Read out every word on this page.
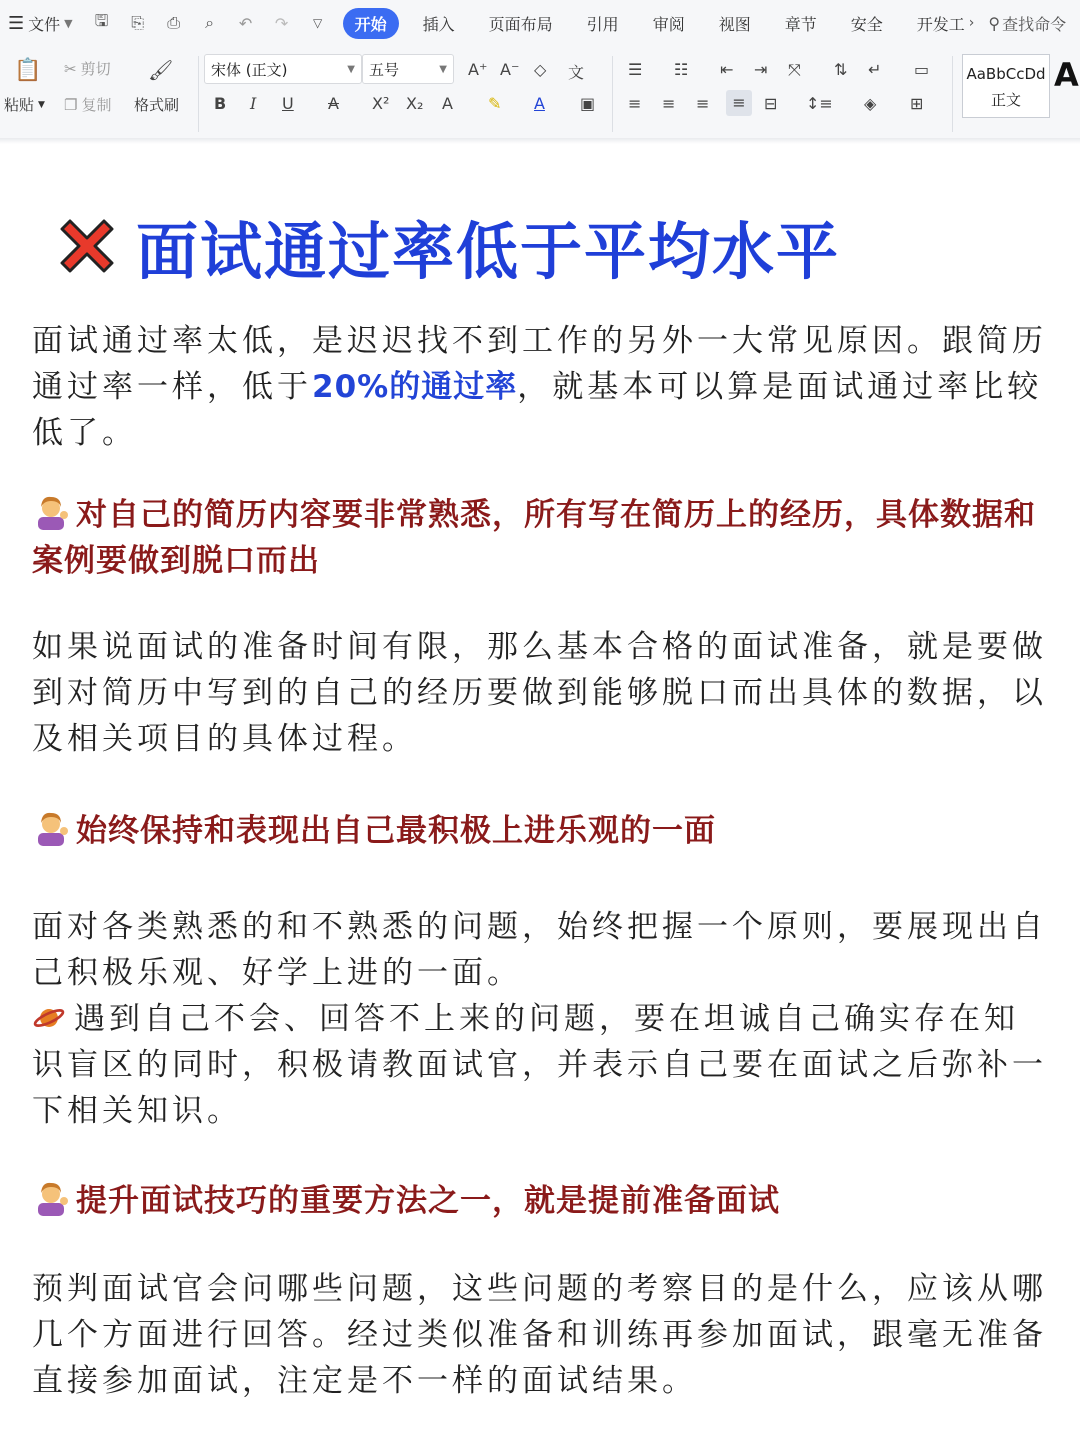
☰ 文件 ▼ 🖫 ⎘ ⎙	⌕	↶ ↷	▽	开始	插入	页面布局	引用	审阅	视图	章节	安全	开发工 › ⚲ 查找命令
📋
粘贴 ▼
✂ 剪切
❐ 复制
🖌
格式刷
宋体 (正文)	▼ 五号	▼ A⁺ A⁻ ◇ 文
B I U A X² X₂ A ✎ A ▣
☰ ☷ ⇤ ⇥ ⤧ ⇅ ↵ ▭
≡ ≡ ≡	≡	⊟ ↕≡ ◈ ⊞
AaBbCcDd
正文
A
面试通过率低于平均水平
面试通过率太低，是迟迟找不到工作的另外一大常见原因。跟简历通过率一样，低于20%的通过率，就基本可以算是面试通过率比较低了。
对自己的简历内容要非常熟悉，所有写在简历上的经历，具体数据和案例要做到脱口而出
如果说面试的准备时间有限，那么基本合格的面试准备，就是要做到对简历中写到的自己的经历要做到能够脱口而出具体的数据，以及相关项目的具体过程。
始终保持和表现出自己最积极上进乐观的一面
面对各类熟悉的和不熟悉的问题，始终把握一个原则，要展现出自己积极乐观、好学上进的一面。
遇到自己不会、回答不上来的问题，要在坦诚自己确实存在知识盲区的同时，积极请教面试官，并表示自己要在面试之后弥补一下相关知识。
提升面试技巧的重要方法之一，就是提前准备面试
预判面试官会问哪些问题，这些问题的考察目的是什么，应该从哪几个方面进行回答。经过类似准备和训练再参加面试，跟毫无准备直接参加面试，注定是不一样的面试结果。
